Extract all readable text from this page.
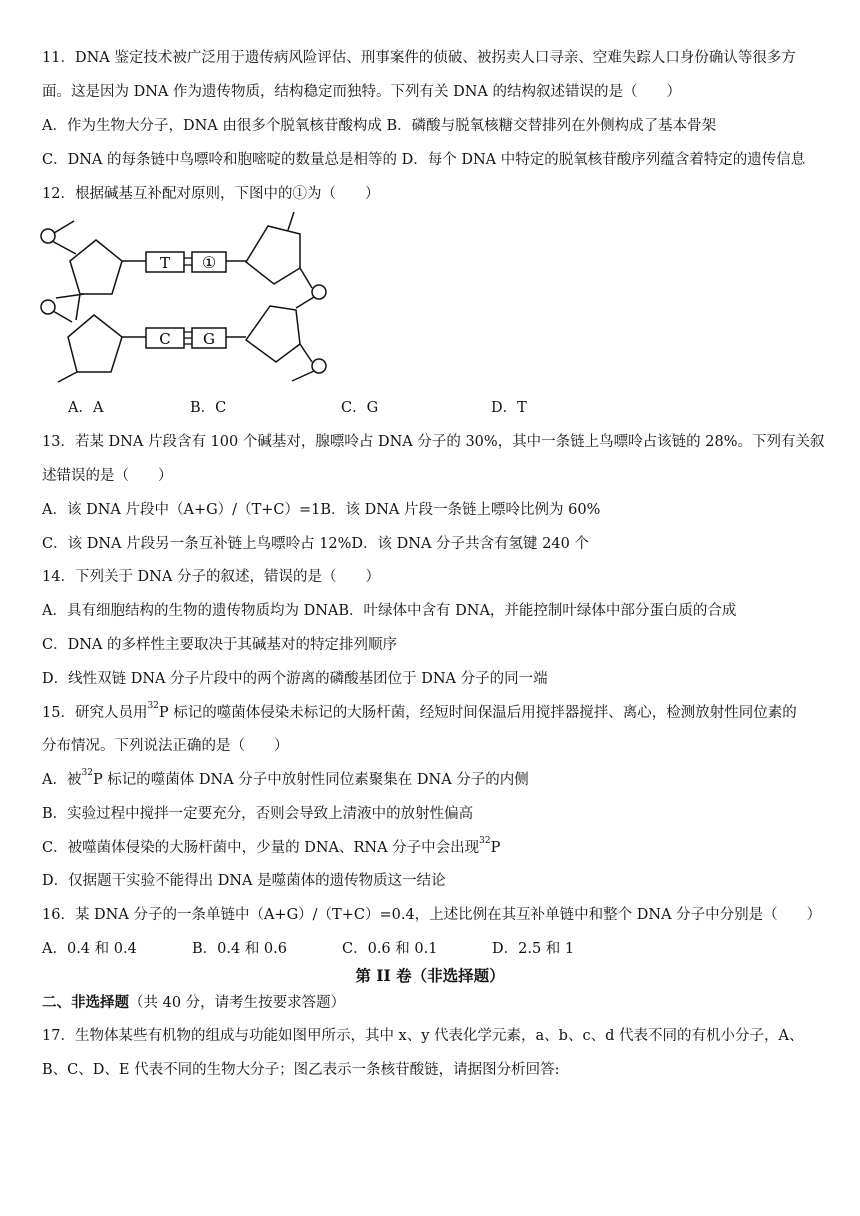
11．DNA 鉴定技术被广泛用于遗传病风险评估、刑事案件的侦破、被拐卖人口寻亲、空难失踪人口身份确认等很多方
面。这是因为 DNA 作为遗传物质，结构稳定而独特。下列有关 DNA 的结构叙述错误的是（　　）
A．作为生物大分子，DNA 由很多个脱氧核苷酸构成 B．磷酸与脱氧核糖交替排列在外侧构成了基本骨架
C．DNA 的每条链中鸟嘌呤和胞嘧啶的数量总是相等的 D．每个 DNA 中特定的脱氧核苷酸序列蕴含着特定的遗传信息
12．根据碱基互补配对原则，下图中的①为（　　）
T ①
C G
A．A	B．C	C．G	D．T
13．若某 DNA 片段含有 100 个碱基对，腺嘌呤占 DNA 分子的 30%，其中一条链上鸟嘌呤占该链的 28%。下列有关叙
述错误的是（　　）
A．该 DNA 片段中（A+G）/（T+C）=1B．该 DNA 片段一条链上嘌呤比例为 60%
C．该 DNA 片段另一条互补链上鸟嘌呤占 12%D．该 DNA 分子共含有氢键 240 个
14．下列关于 DNA 分子的叙述，错误的是（　　）
A．具有细胞结构的生物的遗传物质均为 DNAB．叶绿体中含有 DNA，并能控制叶绿体中部分蛋白质的合成
C．DNA 的多样性主要取决于其碱基对的特定排列顺序
D．线性双链 DNA 分子片段中的两个游离的磷酸基团位于 DNA 分子的同一端
15．研究人员用$^{32}$P 标记的噬菌体侵染未标记的大肠杆菌，经短时间保温后用搅拌器搅拌、离心，检测放射性同位素的
分布情况。下列说法正确的是（　　）
A．被$^{32}$P 标记的噬菌体 DNA 分子中放射性同位素聚集在 DNA 分子的内侧
B．实验过程中搅拌一定要充分，否则会导致上清液中的放射性偏高
C．被噬菌体侵染的大肠杆菌中，少量的 DNA、RNA 分子中会出现$^{32}$P
D．仅据题干实验不能得出 DNA 是噬菌体的遗传物质这一结论
16．某 DNA 分子的一条单链中（A+G）/（T+C）=0.4，上述比例在其互补单链中和整个 DNA 分子中分别是（　　）
A．0.4 和 0.4	B．0.4 和 0.6	C．0.6 和 0.1	D．2.5 和 1
第 II 卷（非选择题）
二、非选择题（共 40 分，请考生按要求答题）
17．生物体某些有机物的组成与功能如图甲所示，其中 x、y 代表化学元素，a、b、c、d 代表不同的有机小分子，A、
B、C、D、E 代表不同的生物大分子；图乙表示一条核苷酸链，请据图分析回答:
